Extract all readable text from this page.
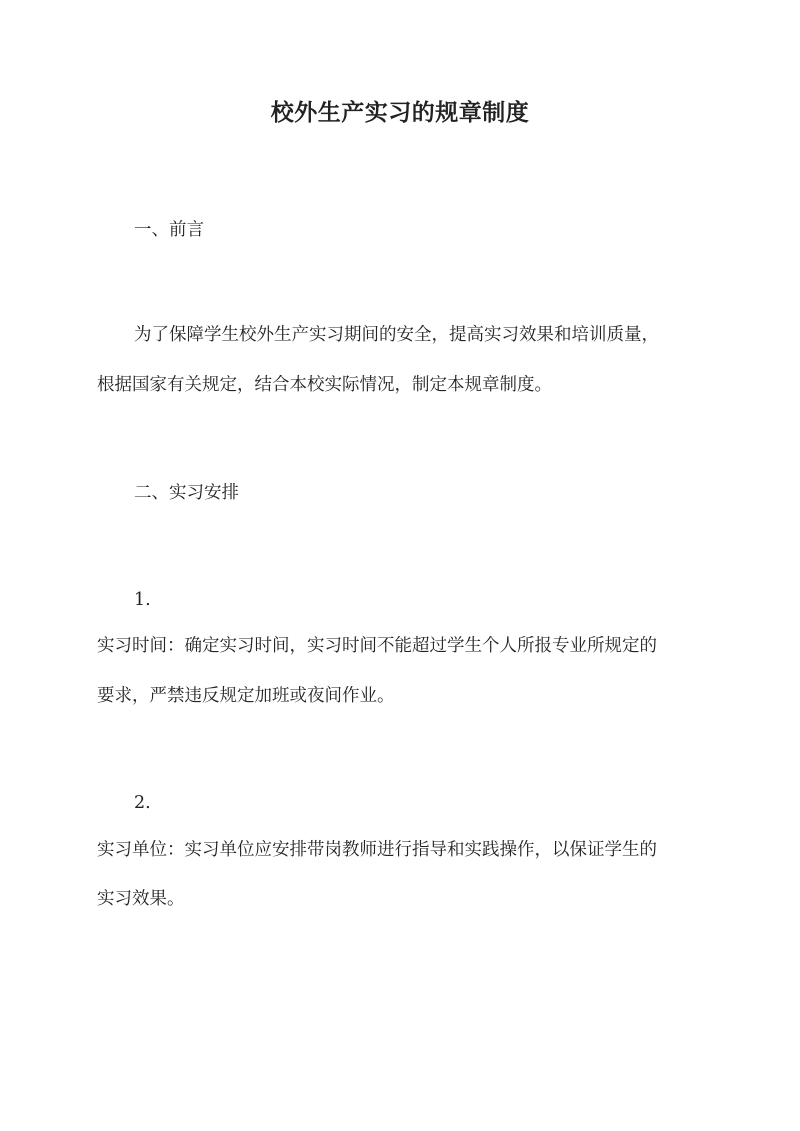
校外生产实习的规章制度
一、前言
为了保障学生校外生产实习期间的安全，提高实习效果和培训质量，
根据国家有关规定，结合本校实际情况，制定本规章制度。
二、实习安排
1.
实习时间：确定实习时间，实习时间不能超过学生个人所报专业所规定的
要求，严禁违反规定加班或夜间作业。
2.
实习单位：实习单位应安排带岗教师进行指导和实践操作，以保证学生的
实习效果。
